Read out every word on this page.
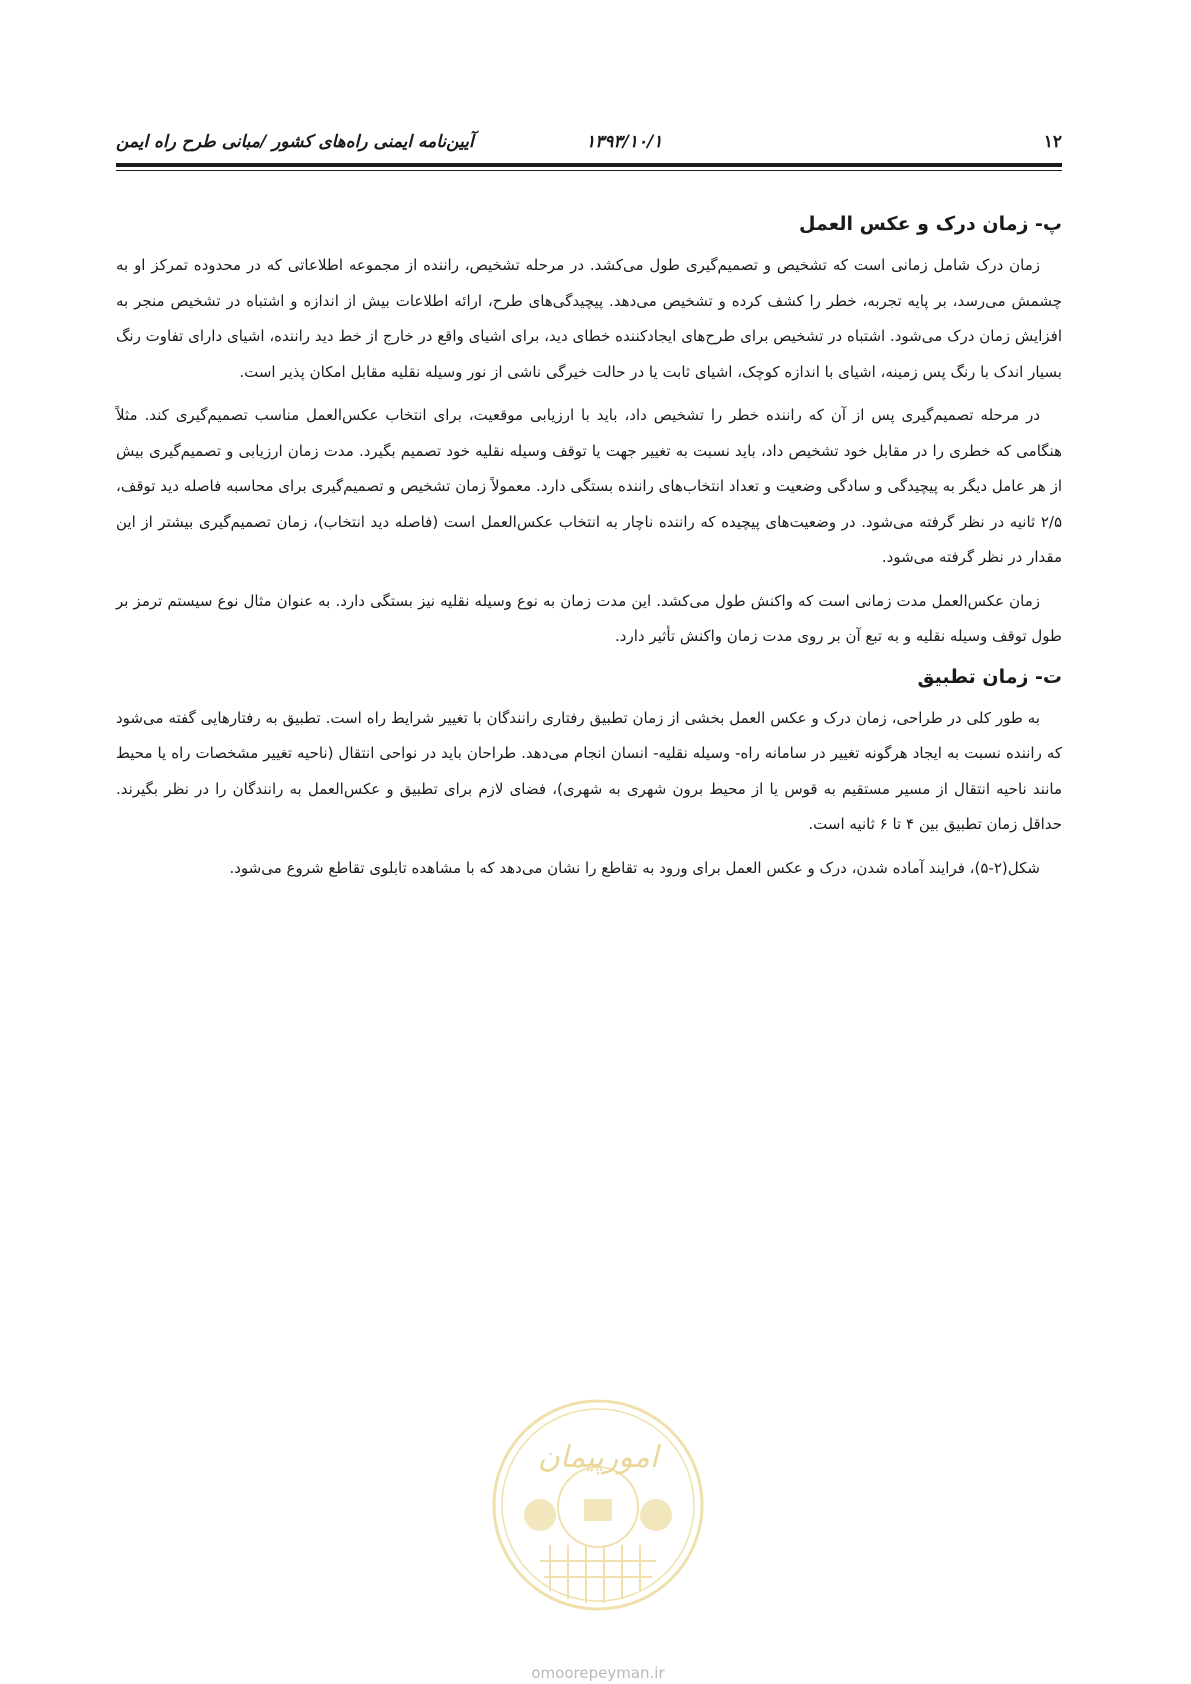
۱۲
۱۳۹۳/۱۰/۱
آیین‌نامه ایمنی راه‌های کشور /مبانی طرح راه ایمن
پ- زمان درک و عکس العمل

زمان درک شامل زمانی است که تشخیص و تصمیم‌گیری طول می‌کشد. در مرحله تشخیص، راننده از مجموعه اطلاعاتی که در محدوده تمرکز او به چشمش می‌رسد، بر پایه تجربه، خطر را کشف کرده و تشخیص می‌دهد. پیچیدگی‌های طرح، ارائه اطلاعات بیش از اندازه و اشتباه در تشخیص منجر به افزایش زمان درک می‌شود. اشتباه در تشخیص برای طرح‌های ایجادکننده خطای دید، برای اشیای واقع در خارج از خط دید راننده، اشیای دارای تفاوت رنگ بسیار اندک با رنگ پس زمینه، اشیای با اندازه کوچک، اشیای ثابت یا در حالت خیرگی ناشی از نور وسیله نقلیه مقابل امکان پذیر است.

در مرحله تصمیم‌گیری پس از آن که راننده خطر را تشخیص داد، باید با ارزیابی موقعیت، برای انتخاب عکس‌العمل مناسب تصمیم‌گیری کند. مثلاً هنگامی که خطری را در مقابل خود تشخیص داد، باید نسبت به تغییر جهت یا توقف وسیله نقلیه خود تصمیم بگیرد. مدت زمان ارزیابی و تصمیم‌گیری بیش از هر عامل دیگر به پیچیدگی و سادگی وضعیت و تعداد انتخاب‌های راننده بستگی دارد. معمولاً زمان تشخیص و تصمیم‌گیری برای محاسبه فاصله دید توقف، ۲/۵ ثانیه در نظر گرفته می‌شود. در وضعیت‌های پیچیده که راننده ناچار به انتخاب عکس‌العمل است (فاصله دید انتخاب)، زمان تصمیم‌گیری بیشتر از این مقدار در نظر گرفته می‌شود.

زمان عکس‌العمل مدت زمانی است که واکنش طول می‌کشد. این مدت زمان به نوع وسیله نقلیه نیز بستگی دارد. به عنوان مثال نوع سیستم ترمز بر طول توقف وسیله نقلیه و به تبع آن بر روی مدت زمان واکنش تأثیر دارد.

ت- زمان تطبیق

به طور کلی در طراحی، زمان درک و عکس العمل بخشی از زمان تطبیق رفتاری رانندگان با تغییر شرایط راه است. تطبیق به رفتارهایی گفته می‌شود که راننده نسبت به ایجاد هرگونه تغییر در سامانه راه- وسیله نقلیه- انسان انجام می‌دهد. طراحان باید در نواحی انتقال (ناحیه تغییر مشخصات راه یا محیط مانند ناحیه انتقال از مسیر مستقیم به قوس یا از محیط برون شهری به شهری)، فضای لازم برای تطبیق و عکس‌العمل به رانندگان را در نظر بگیرند. حداقل زمان تطبیق بین ۴ تا ۶ ثانیه است.

شکل(۲-۵)، فرایند آماده شدن، درک و عکس العمل برای ورود به تقاطع را نشان می‌دهد که با مشاهده تابلوی تقاطع شروع می‌شود.

امورپیمان
omoorepeyman.ir
